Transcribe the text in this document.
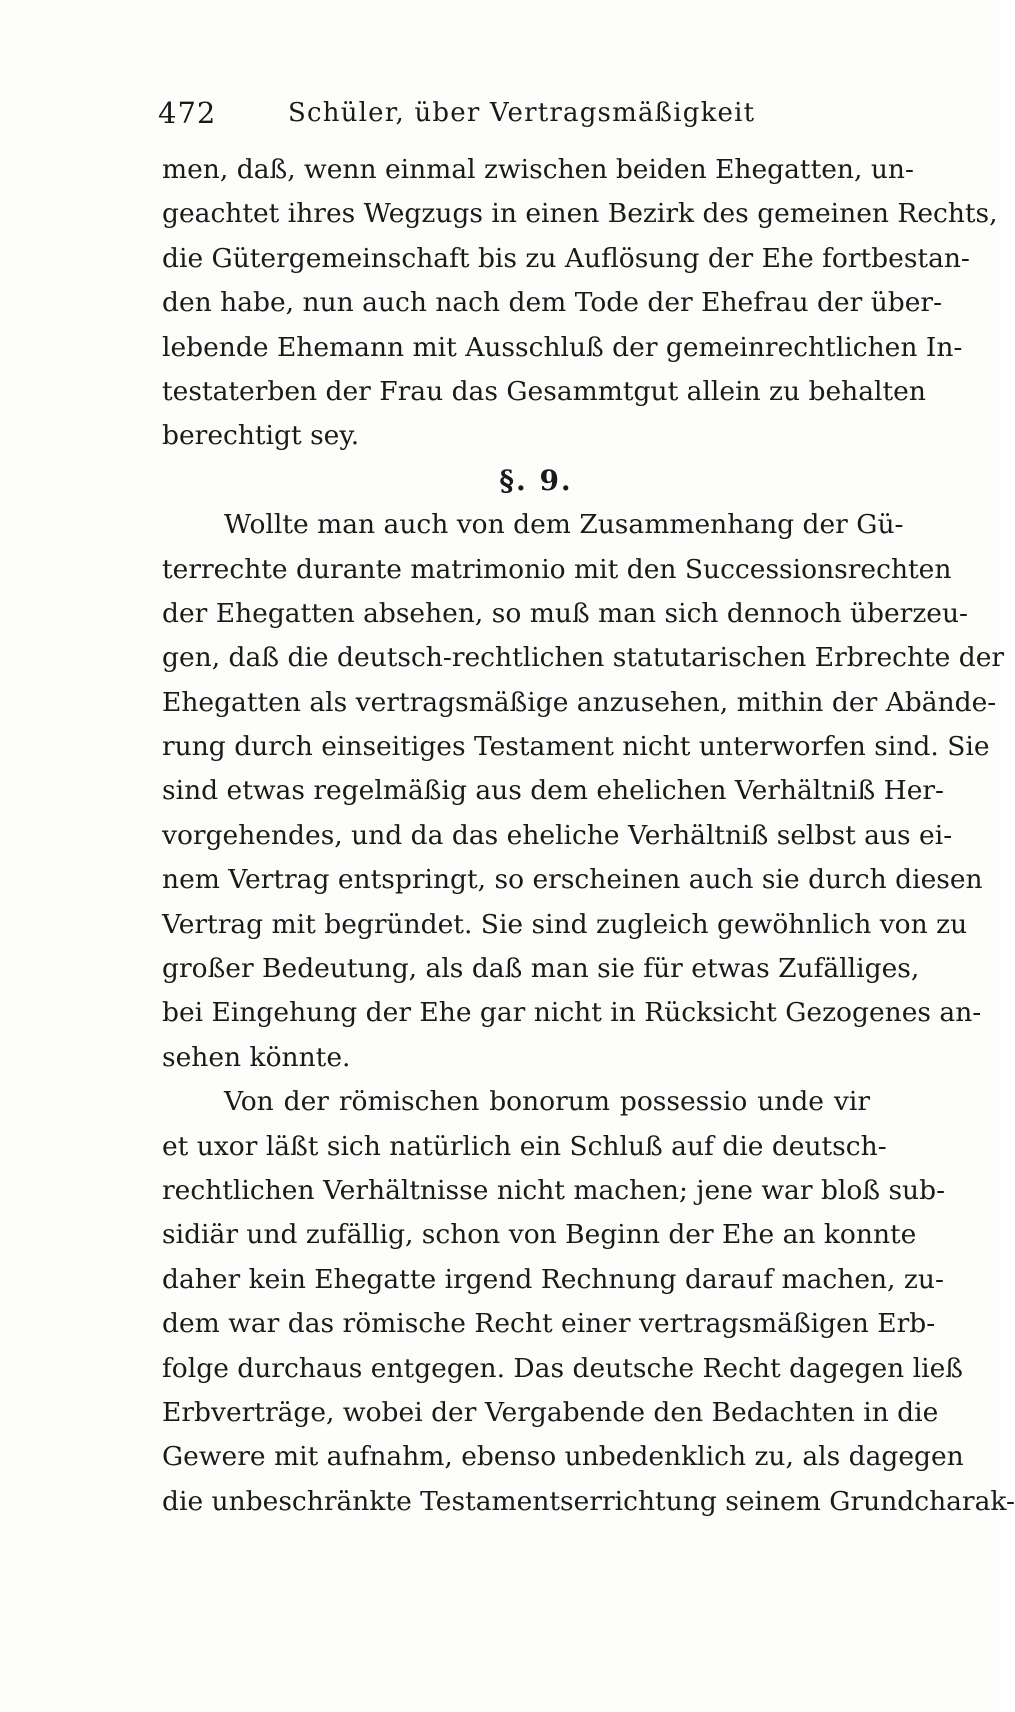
472	Schüler, über Vertragsmäßigkeit
men, daß, wenn einmal zwischen beiden Ehegatten, un-
geachtet ihres Wegzugs in einen Bezirk des gemeinen Rechts,
die Gütergemeinschaft bis zu Auflösung der Ehe fortbestan-
den habe, nun auch nach dem Tode der Ehefrau der über-
lebende Ehemann mit Ausschluß der gemeinrechtlichen In-
testaterben der Frau das Gesammtgut allein zu behalten
berechtigt sey.
§. 9.
Wollte man auch von dem Zusammenhang der Gü-
terrechte durante matrimonio mit den Successionsrechten
der Ehegatten absehen, so muß man sich dennoch überzeu-
gen, daß die deutsch-rechtlichen statutarischen Erbrechte der
Ehegatten als vertragsmäßige anzusehen, mithin der Abände-
rung durch einseitiges Testament nicht unterworfen sind. Sie
sind etwas regelmäßig aus dem ehelichen Verhältniß Her-
vorgehendes, und da das eheliche Verhältniß selbst aus ei-
nem Vertrag entspringt, so erscheinen auch sie durch diesen
Vertrag mit begründet. Sie sind zugleich gewöhnlich von zu
großer Bedeutung, als daß man sie für etwas Zufälliges,
bei Eingehung der Ehe gar nicht in Rücksicht Gezogenes an-
sehen könnte.
Von der römischen bonorum possessio unde vir
et uxor läßt sich natürlich ein Schluß auf die deutsch-
rechtlichen Verhältnisse nicht machen; jene war bloß sub-
sidiär und zufällig, schon von Beginn der Ehe an konnte
daher kein Ehegatte irgend Rechnung darauf machen, zu-
dem war das römische Recht einer vertragsmäßigen Erb-
folge durchaus entgegen. Das deutsche Recht dagegen ließ
Erbverträge, wobei der Vergabende den Bedachten in die
Gewere mit aufnahm, ebenso unbedenklich zu, als dagegen
die unbeschränkte Testamentserrichtung seinem Grundcharak-
